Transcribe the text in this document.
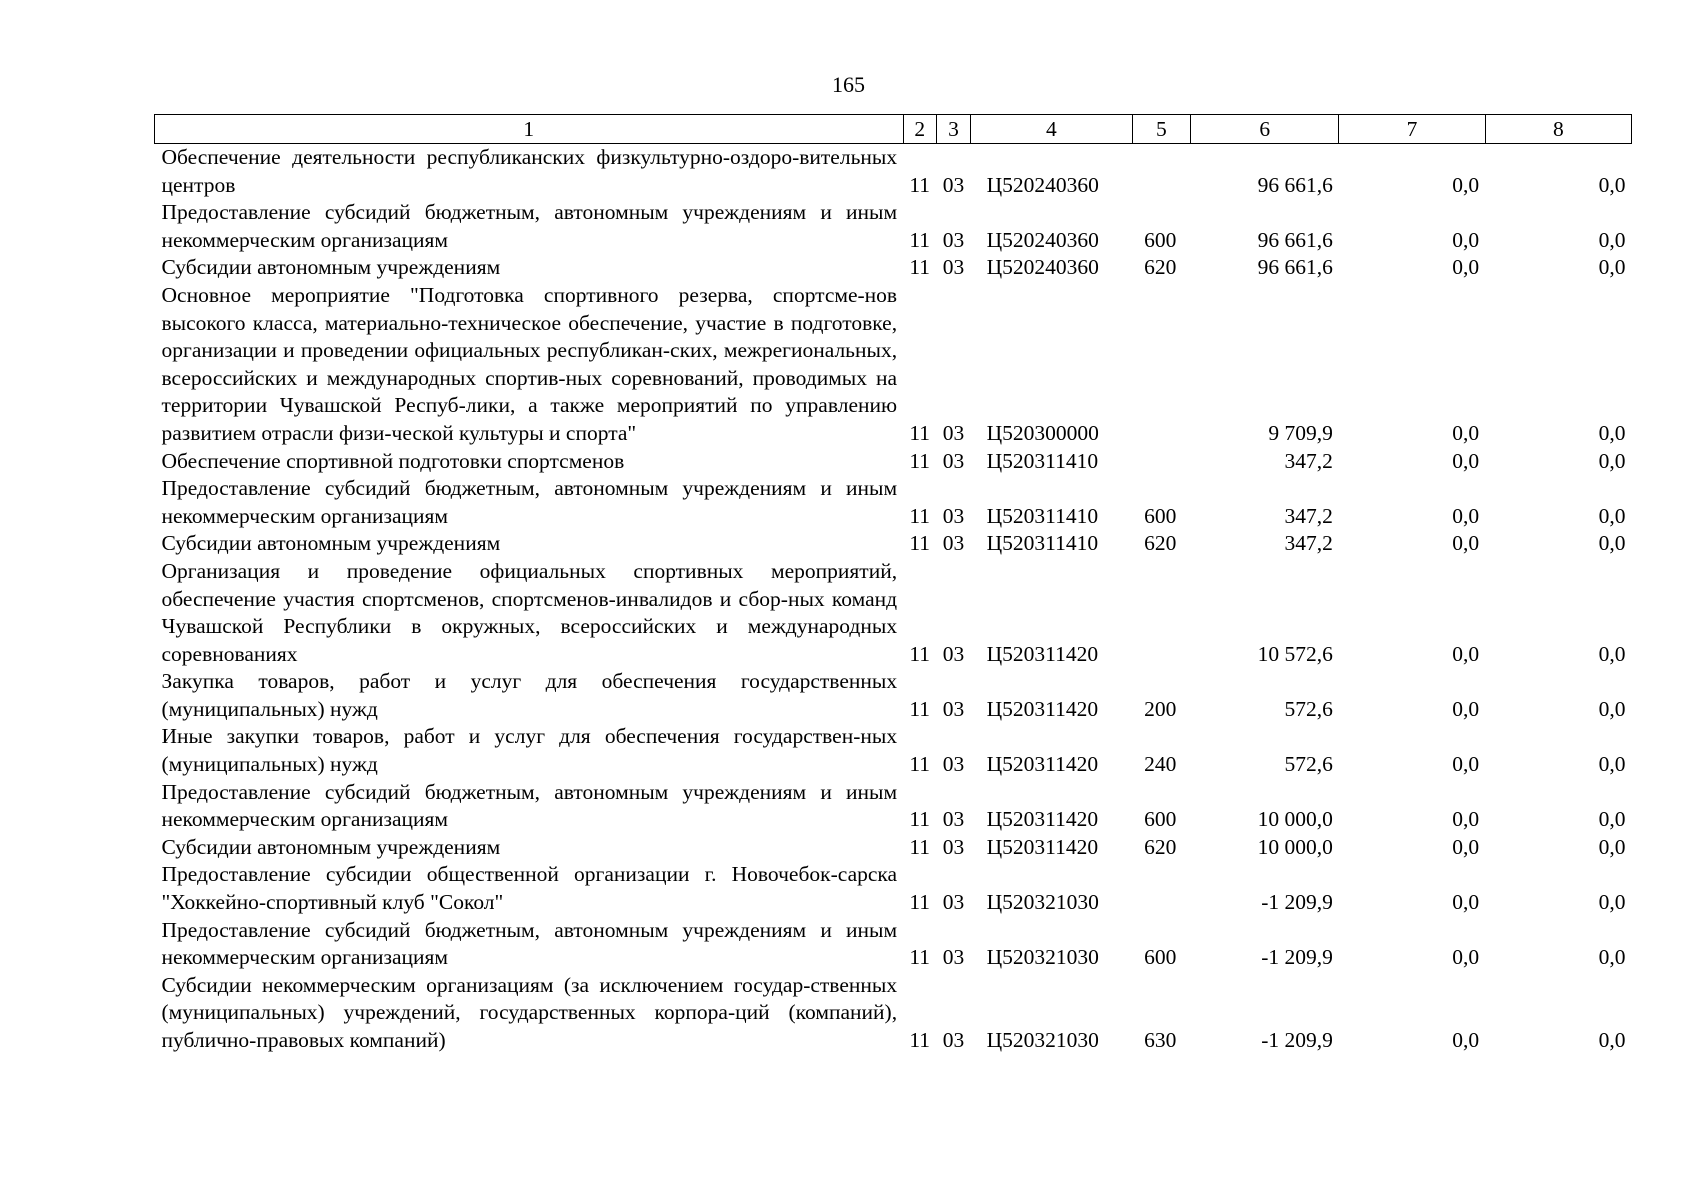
165
1	2	3	4	5	6	7	8
Обеспечение деятельности республиканских физкультурно-оздоро-вительных центров	11	03	Ц520240360		96 661,6	0,0	0,0
Предоставление субсидий бюджетным, автономным учреждениям и иным некоммерческим организациям	11	03	Ц520240360	600	96 661,6	0,0	0,0
Субсидии автономным учреждениям	11	03	Ц520240360	620	96 661,6	0,0	0,0
Основное мероприятие "Подготовка спортивного резерва, спортсме-нов высокого класса, материально-техническое обеспечение, участие в подготовке, организации и проведении официальных республикан-ских, межрегиональных, всероссийских и международных спортив-ных соревнований, проводимых на территории Чувашской Респуб-лики, а также мероприятий по управлению развитием отрасли физи-ческой культуры и спорта"	11	03	Ц520300000		9 709,9	0,0	0,0
Обеспечение спортивной подготовки спортсменов	11	03	Ц520311410		347,2	0,0	0,0
Предоставление субсидий бюджетным, автономным учреждениям и иным некоммерческим организациям	11	03	Ц520311410	600	347,2	0,0	0,0
Субсидии автономным учреждениям	11	03	Ц520311410	620	347,2	0,0	0,0
Организация и проведение официальных спортивных мероприятий, обеспечение участия спортсменов, спортсменов-инвалидов и сбор-ных команд Чувашской Республики в окружных, всероссийских и международных соревнованиях	11	03	Ц520311420		10 572,6	0,0	0,0
Закупка товаров, работ и услуг для обеспечения государственных (муниципальных) нужд	11	03	Ц520311420	200	572,6	0,0	0,0
Иные закупки товаров, работ и услуг для обеспечения государствен-ных (муниципальных) нужд	11	03	Ц520311420	240	572,6	0,0	0,0
Предоставление субсидий бюджетным, автономным учреждениям и иным некоммерческим организациям	11	03	Ц520311420	600	10 000,0	0,0	0,0
Субсидии автономным учреждениям	11	03	Ц520311420	620	10 000,0	0,0	0,0
Предоставление субсидии общественной организации г. Новочебок-сарска "Хоккейно-спортивный клуб "Сокол"	11	03	Ц520321030		-1 209,9	0,0	0,0
Предоставление субсидий бюджетным, автономным учреждениям и иным некоммерческим организациям	11	03	Ц520321030	600	-1 209,9	0,0	0,0
Субсидии некоммерческим организациям (за исключением государ-ственных (муниципальных) учреждений, государственных корпора-ций (компаний), публично-правовых компаний)	11	03	Ц520321030	630	-1 209,9	0,0	0,0
